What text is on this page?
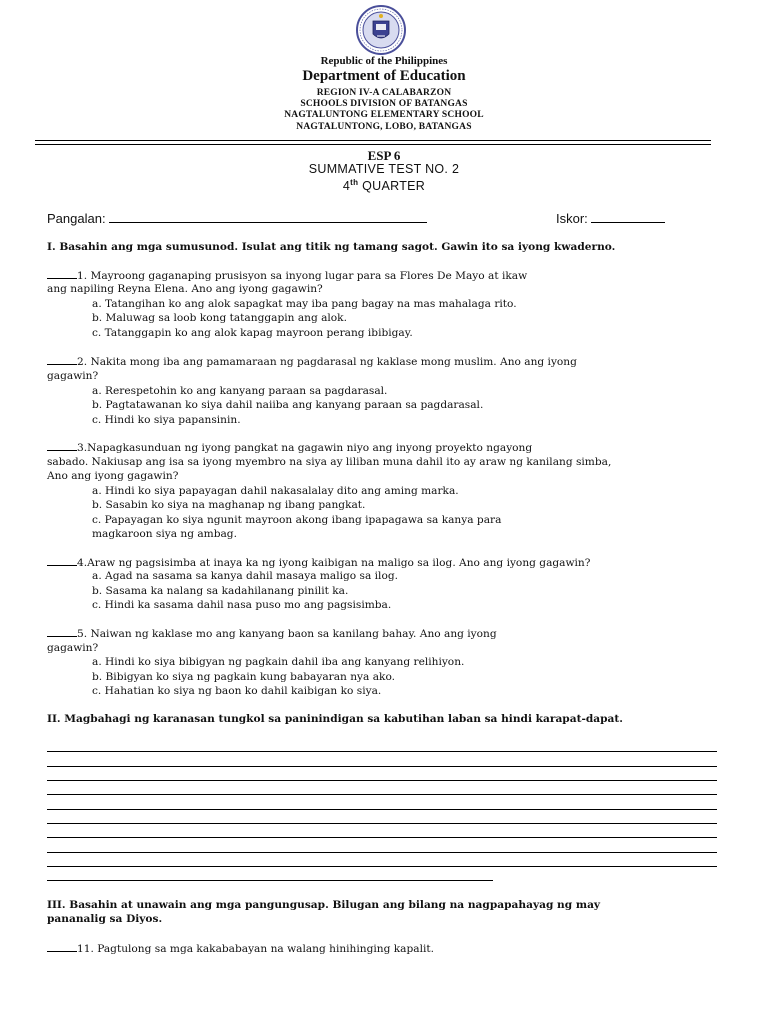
Republic of the Philippines
Department of Education
REGION IV-A CALABARZON
SCHOOLS DIVISION OF BATANGAS
NAGTALUNTONG ELEMENTARY SCHOOL
NAGTALUNTONG, LOBO, BATANGAS
ESP 6
SUMMATIVE TEST NO. 2
4th QUARTER
Pangalan:	Iskor:
I. Basahin ang mga sumusunod. Isulat ang titik ng tamang sagot. Gawin ito sa iyong kwaderno.
1. Mayroong gaganaping prusisyon sa inyong lugar para sa Flores De Mayo at ikaw
ang napiling Reyna Elena. Ano ang iyong gagawin?
a. Tatangihan ko ang alok sapagkat may iba pang bagay na mas mahalaga rito.
b. Maluwag sa loob kong tatanggapin ang alok.
c. Tatanggapin ko ang alok kapag mayroon perang ibibigay.
2. Nakita mong iba ang pamamaraan ng pagdarasal ng kaklase mong muslim. Ano ang iyong
gagawin?
a. Rerespetohin ko ang kanyang paraan sa pagdarasal.
b. Pagtatawanan ko siya dahil naiiba ang kanyang paraan sa pagdarasal.
c. Hindi ko siya papansinin.
3.Napagkasunduan ng iyong pangkat na gagawin niyo ang inyong proyekto ngayong
sabado. Nakiusap ang isa sa iyong myembro na siya ay liliban muna dahil ito ay araw ng kanilang simba,
Ano ang iyong gagawin?
a. Hindi ko siya papayagan dahil nakasalalay dito ang aming marka.
b. Sasabin ko siya na maghanap ng ibang pangkat.
c. Papayagan ko siya ngunit mayroon akong ibang ipapagawa sa kanya para
magkaroon siya ng ambag.
4.Araw ng pagsisimba at inaya ka ng iyong kaibigan na maligo sa ilog. Ano ang iyong gagawin?
a. Agad na sasama sa kanya dahil masaya maligo sa ilog.
b. Sasama ka nalang sa kadahilanang pinilit ka.
c. Hindi ka sasama dahil nasa puso mo ang pagsisimba.
5. Naiwan ng kaklase mo ang kanyang baon sa kanilang bahay. Ano ang iyong
gagawin?
a. Hindi ko siya bibigyan ng pagkain dahil iba ang kanyang relihiyon.
b. Bibigyan ko siya ng pagkain kung babayaran nya ako.
c. Hahatian ko siya ng baon ko dahil kaibigan ko siya.
II. Magbahagi ng karanasan tungkol sa paninindigan sa kabutihan laban sa hindi karapat-dapat.
III. Basahin at unawain ang mga pangungusap. Bilugan ang bilang na nagpapahayag ng may
pananalig sa Diyos.
11. Pagtulong sa mga kakababayan na walang hinihinging kapalit.
